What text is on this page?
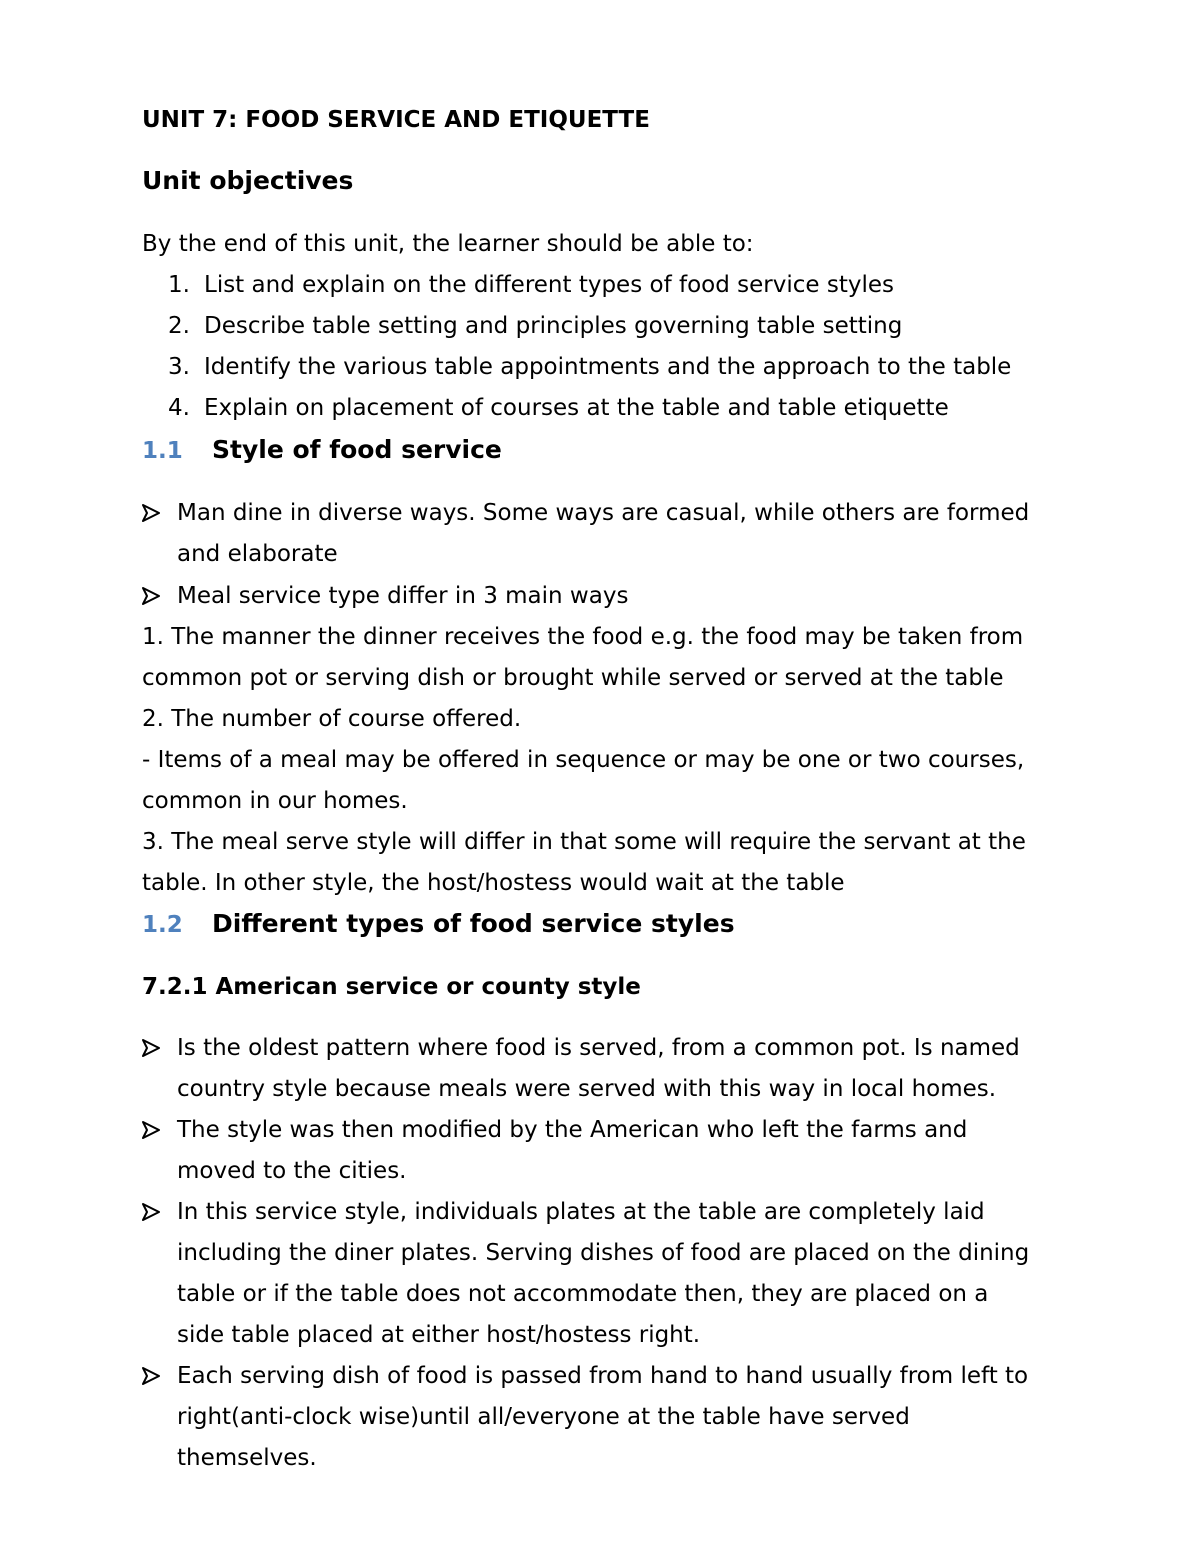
UNIT 7: FOOD SERVICE AND ETIQUETTE
Unit objectives
By the end of this unit, the learner should be able to:
1. List and explain on the different types of food service styles
2. Describe table setting and principles governing table setting
3. Identify the various table appointments and the approach to the table
4. Explain on placement of courses at the table and table etiquette
1.1 Style of food service
Man dine in diverse ways. Some ways are casual, while others are formed
and elaborate
Meal service type differ in 3 main ways
1. The manner the dinner receives the food e.g. the food may be taken from
common pot or serving dish or brought while served or served at the table
2. The number of course offered.
- Items of a meal may be offered in sequence or may be one or two courses,
common in our homes.
3. The meal serve style will differ in that some will require the servant at the
table. In other style, the host/hostess would wait at the table
1.2 Different types of food service styles
7.2.1 American service or county style
Is the oldest pattern where food is served, from a common pot. Is named
country style because meals were served with this way in local homes.
The style was then modified by the American who left the farms and
moved to the cities.
In this service style, individuals plates at the table are completely laid
including the diner plates. Serving dishes of food are placed on the dining
table or if the table does not accommodate then, they are placed on a
side table placed at either host/hostess right.
Each serving dish of food is passed from hand to hand usually from left to
right(anti-clock wise)until all/everyone at the table have served
themselves.
